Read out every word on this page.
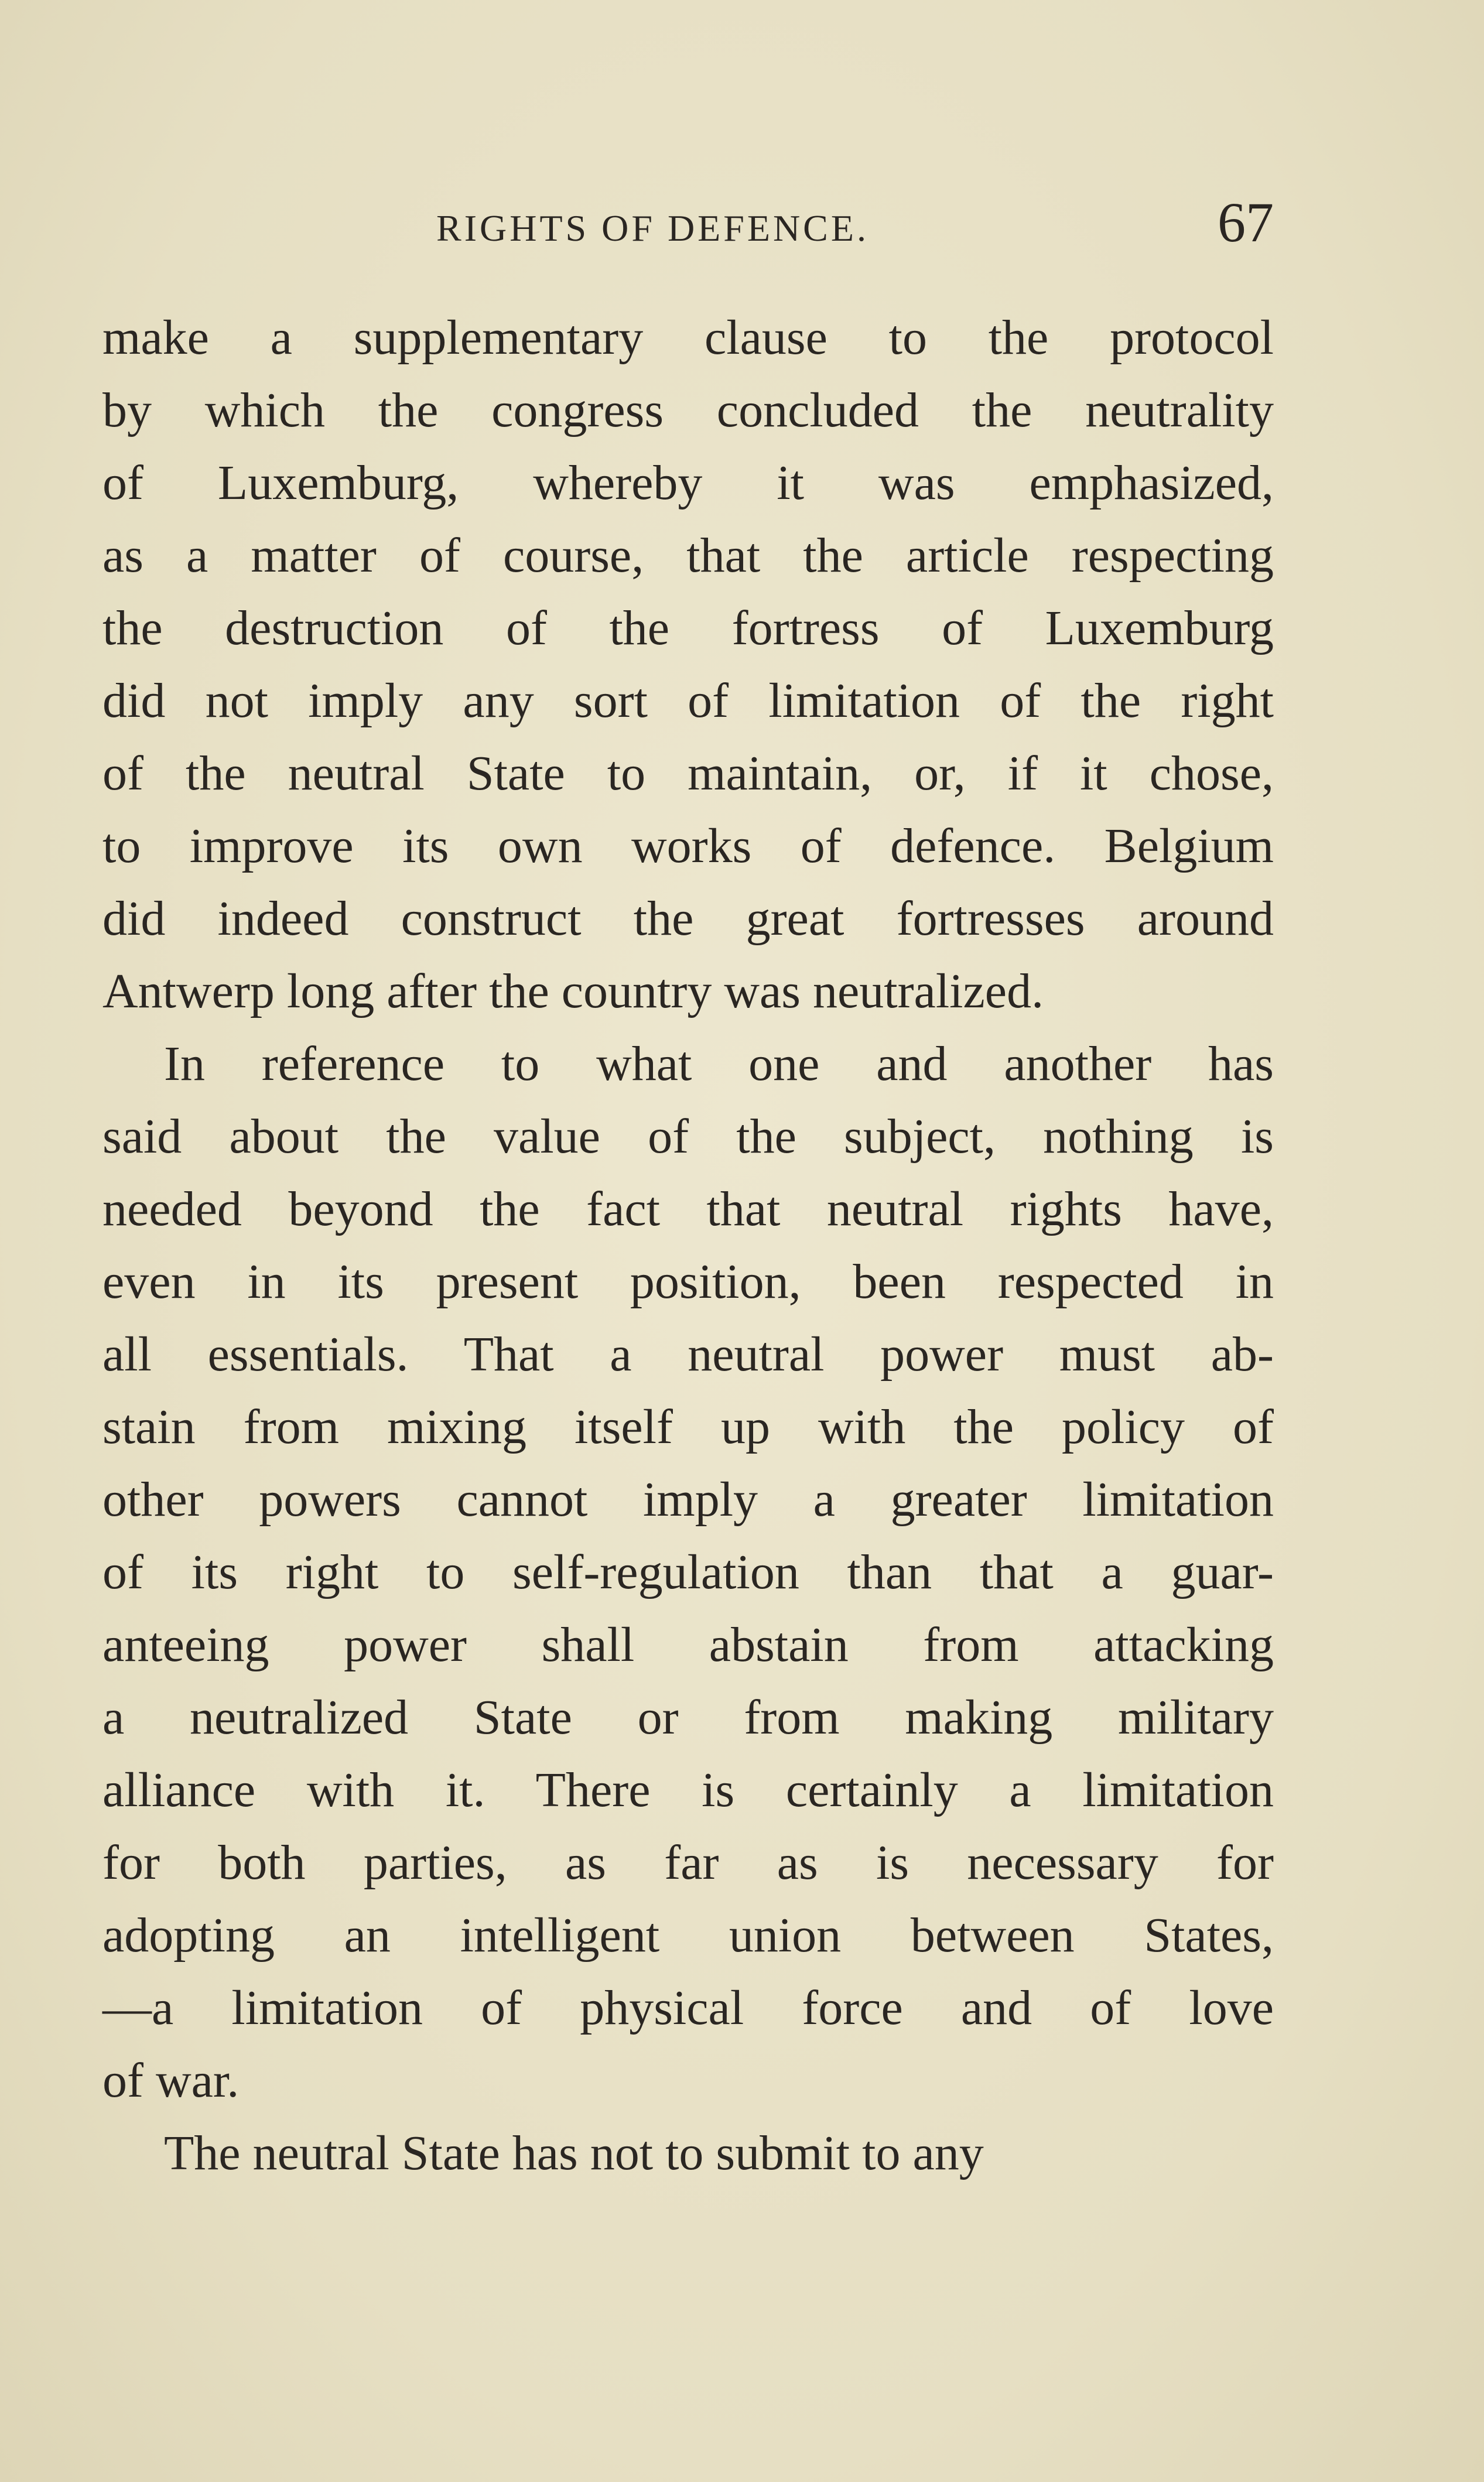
RIGHTS OF DEFENCE.	67
make a supplementary clause to the protocol
by which the congress concluded the neutrality
of Luxemburg, whereby it was emphasized,
as a matter of course, that the article respecting
the destruction of the fortress of Luxemburg
did not imply any sort of limitation of the right
of the neutral State to maintain, or, if it chose,
to improve its own works of defence. Belgium
did indeed construct the great fortresses around
Antwerp long after the country was neutralized.
In reference to what one and another has
said about the value of the subject, nothing is
needed beyond the fact that neutral rights have,
even in its present position, been respected in
all essentials. That a neutral power must ab-
stain from mixing itself up with the policy of
other powers cannot imply a greater limitation
of its right to self-regulation than that a guar-
anteeing power shall abstain from attacking
a neutralized State or from making military
alliance with it. There is certainly a limitation
for both parties, as far as is necessary for
adopting an intelligent union between States,
—a limitation of physical force and of love
of war.
The neutral State has not to submit to any
